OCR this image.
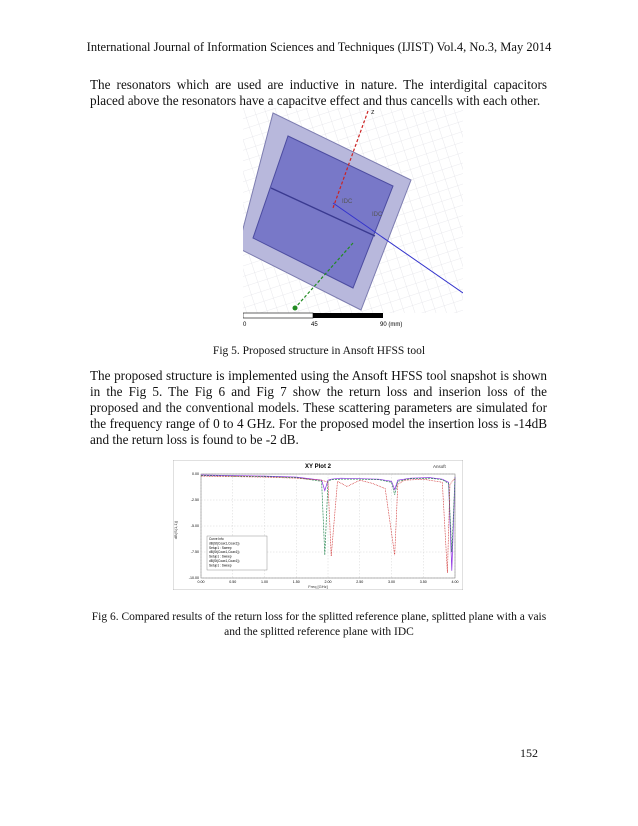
International Journal of Information Sciences and Techniques (IJIST) Vol.4, No.3, May 2014

The resonators which are used are inductive in nature. The interdigital capacitors placed above the resonators have a capacitve effect and thus cancells with each other.

z
IDC
IDC
0	45	90 (mm)
Fig 5. Proposed structure in Ansoft HFSS tool

The proposed structure is implemented using the Ansoft HFSS tool snapshot is shown in the Fig 5. The Fig 6 and Fig 7 show the return loss and inserion loss of the proposed and the conventional models. These scattering parameters are simulated for the frequency range of 0 to 4 GHz. For the proposed model the insertion loss is -14dB and the return loss is found to be -2 dB.

XY Plot 2	Ansoft
dB(S(1,1))
Freq [GHz]
0.00	0.50	1.00	1.50	2.00	2.50	3.00	3.50	4.00
0.00
-2.50
-5.00
-7.50
-10.00
Curve Info
dB(St(Coax1,Coax1))
Setup1 : Sweep
dB(St(Coax1,Coax1))
Setup1 : Sweep
dB(St(Coax1,Coax1))
Setup1 : Sweep
Fig 6. Compared results of the return loss for the splitted reference plane, splitted plane with a vais and the splitted reference plane with IDC
152
